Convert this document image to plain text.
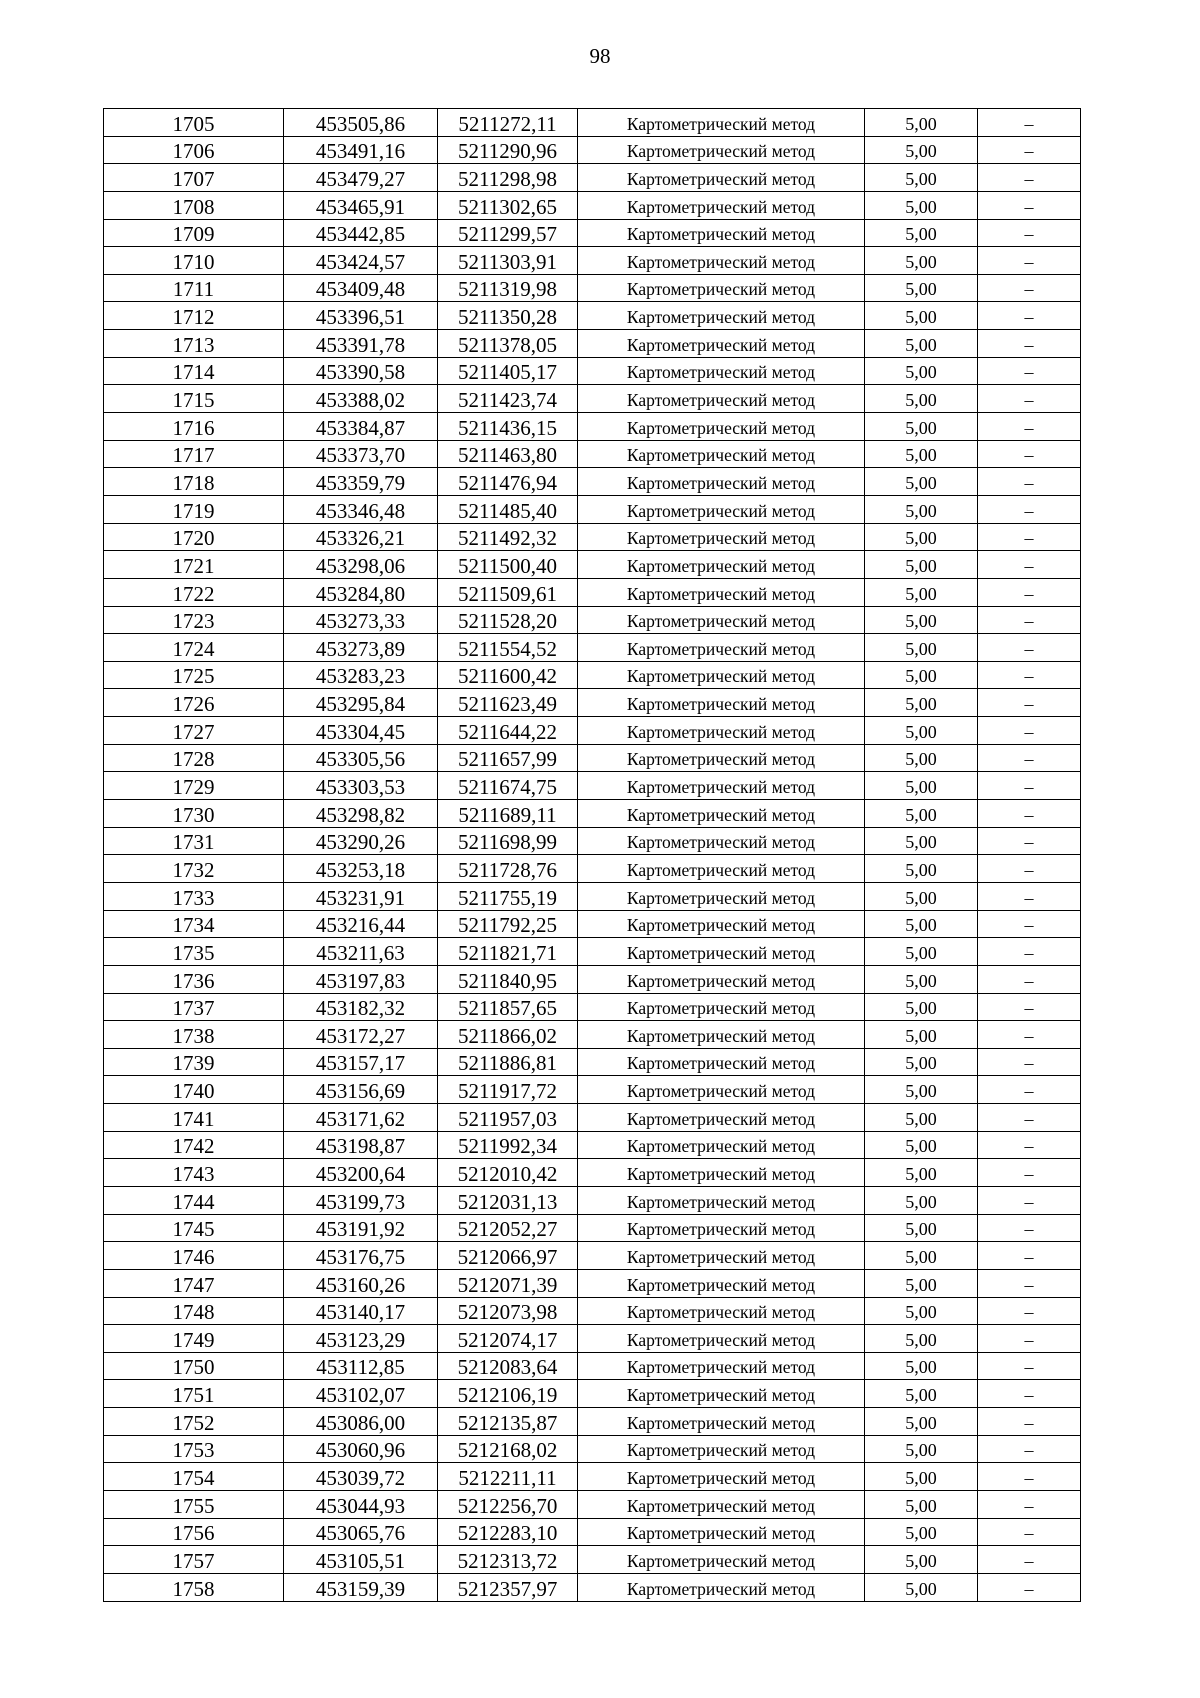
98
1705	453505,86	5211272,11	Картометрический метод	5,00	–
1706	453491,16	5211290,96	Картометрический метод	5,00	–
1707	453479,27	5211298,98	Картометрический метод	5,00	–
1708	453465,91	5211302,65	Картометрический метод	5,00	–
1709	453442,85	5211299,57	Картометрический метод	5,00	–
1710	453424,57	5211303,91	Картометрический метод	5,00	–
1711	453409,48	5211319,98	Картометрический метод	5,00	–
1712	453396,51	5211350,28	Картометрический метод	5,00	–
1713	453391,78	5211378,05	Картометрический метод	5,00	–
1714	453390,58	5211405,17	Картометрический метод	5,00	–
1715	453388,02	5211423,74	Картометрический метод	5,00	–
1716	453384,87	5211436,15	Картометрический метод	5,00	–
1717	453373,70	5211463,80	Картометрический метод	5,00	–
1718	453359,79	5211476,94	Картометрический метод	5,00	–
1719	453346,48	5211485,40	Картометрический метод	5,00	–
1720	453326,21	5211492,32	Картометрический метод	5,00	–
1721	453298,06	5211500,40	Картометрический метод	5,00	–
1722	453284,80	5211509,61	Картометрический метод	5,00	–
1723	453273,33	5211528,20	Картометрический метод	5,00	–
1724	453273,89	5211554,52	Картометрический метод	5,00	–
1725	453283,23	5211600,42	Картометрический метод	5,00	–
1726	453295,84	5211623,49	Картометрический метод	5,00	–
1727	453304,45	5211644,22	Картометрический метод	5,00	–
1728	453305,56	5211657,99	Картометрический метод	5,00	–
1729	453303,53	5211674,75	Картометрический метод	5,00	–
1730	453298,82	5211689,11	Картометрический метод	5,00	–
1731	453290,26	5211698,99	Картометрический метод	5,00	–
1732	453253,18	5211728,76	Картометрический метод	5,00	–
1733	453231,91	5211755,19	Картометрический метод	5,00	–
1734	453216,44	5211792,25	Картометрический метод	5,00	–
1735	453211,63	5211821,71	Картометрический метод	5,00	–
1736	453197,83	5211840,95	Картометрический метод	5,00	–
1737	453182,32	5211857,65	Картометрический метод	5,00	–
1738	453172,27	5211866,02	Картометрический метод	5,00	–
1739	453157,17	5211886,81	Картометрический метод	5,00	–
1740	453156,69	5211917,72	Картометрический метод	5,00	–
1741	453171,62	5211957,03	Картометрический метод	5,00	–
1742	453198,87	5211992,34	Картометрический метод	5,00	–
1743	453200,64	5212010,42	Картометрический метод	5,00	–
1744	453199,73	5212031,13	Картометрический метод	5,00	–
1745	453191,92	5212052,27	Картометрический метод	5,00	–
1746	453176,75	5212066,97	Картометрический метод	5,00	–
1747	453160,26	5212071,39	Картометрический метод	5,00	–
1748	453140,17	5212073,98	Картометрический метод	5,00	–
1749	453123,29	5212074,17	Картометрический метод	5,00	–
1750	453112,85	5212083,64	Картометрический метод	5,00	–
1751	453102,07	5212106,19	Картометрический метод	5,00	–
1752	453086,00	5212135,87	Картометрический метод	5,00	–
1753	453060,96	5212168,02	Картометрический метод	5,00	–
1754	453039,72	5212211,11	Картометрический метод	5,00	–
1755	453044,93	5212256,70	Картометрический метод	5,00	–
1756	453065,76	5212283,10	Картометрический метод	5,00	–
1757	453105,51	5212313,72	Картометрический метод	5,00	–
1758	453159,39	5212357,97	Картометрический метод	5,00	–
